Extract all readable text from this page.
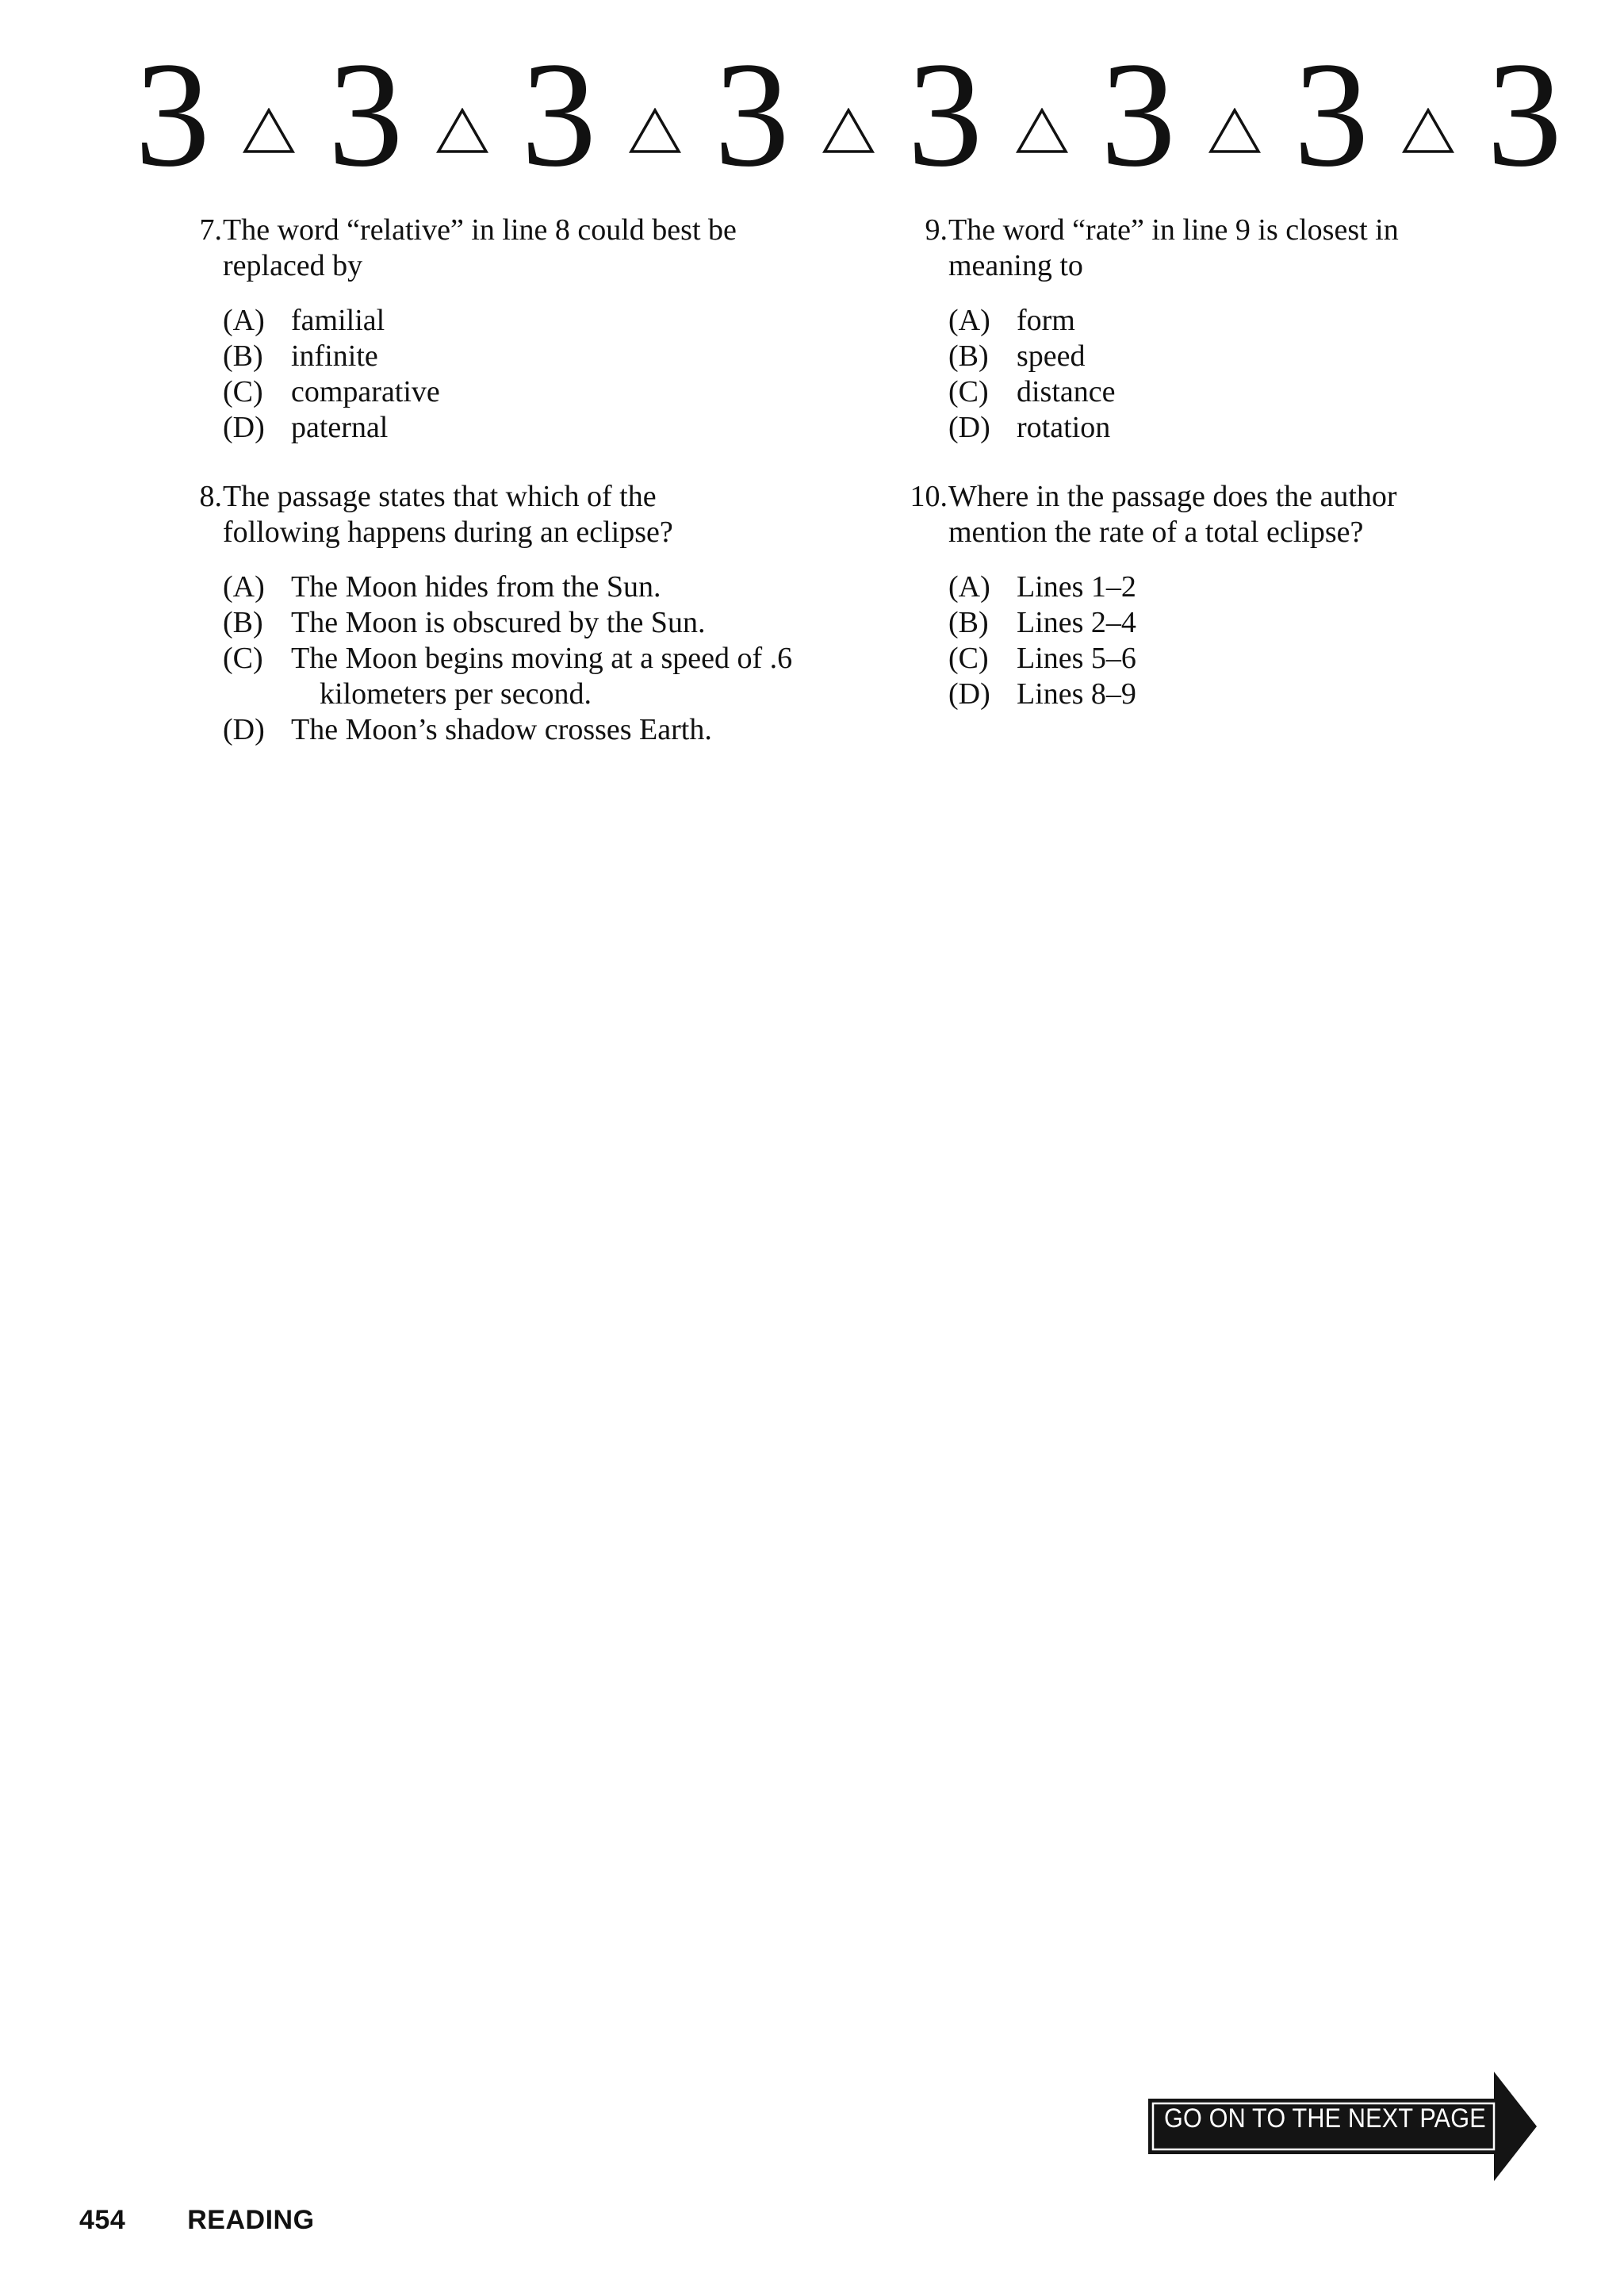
3 3 3 3 3 3 3 3
7. The word “relative” in line 8 could best be replaced by
(A) familial
(B) infinite
(C) comparative
(D) paternal
8. The passage states that which of the following happens during an eclipse?
(A) The Moon hides from the Sun.
(B) The Moon is obscured by the Sun.
(C) The Moon begins moving at a speed of .6 kilometers per second.
(D) The Moon’s shadow crosses Earth.
9. The word “rate” in line 9 is closest in meaning to
(A) form
(B) speed
(C) distance
(D) rotation
10. Where in the passage does the author mention the rate of a total eclipse?
(A) Lines 1–2
(B) Lines 2–4
(C) Lines 5–6
(D) Lines 8–9
GO ON TO THE NEXT PAGE
454 READING
